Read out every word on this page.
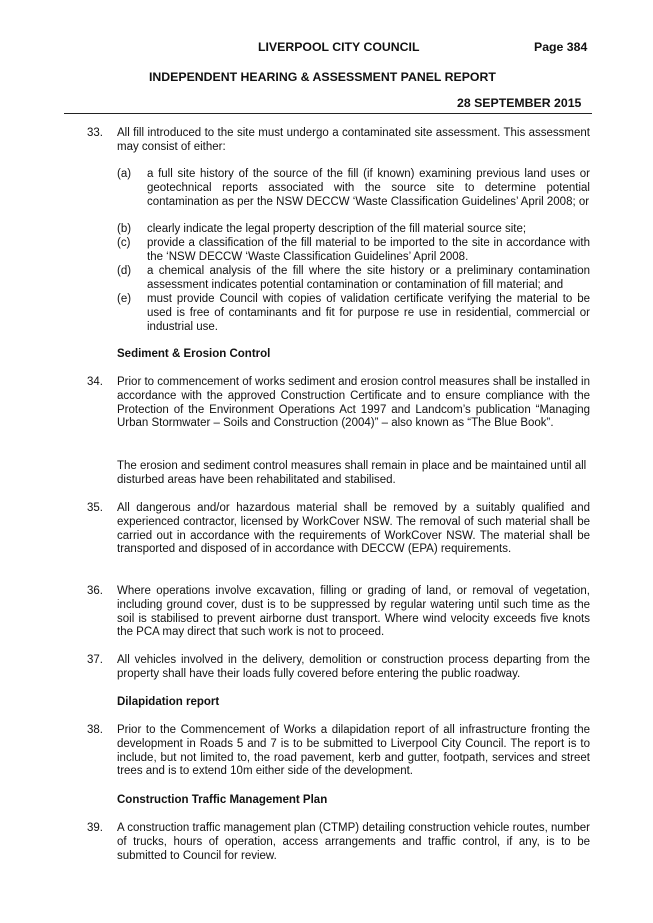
LIVERPOOL CITY COUNCIL	Page 384
INDEPENDENT HEARING & ASSESSMENT PANEL REPORT
28 SEPTEMBER 2015
33. All fill introduced to the site must undergo a contaminated site assessment. This assessment may consist of either:
(a) a full site history of the source of the fill (if known) examining previous land uses or geotechnical reports associated with the source site to determine potential contamination as per the NSW DECCW ‘Waste Classification Guidelines’ April 2008; or
(b) clearly indicate the legal property description of the fill material source site;
(c) provide a classification of the fill material to be imported to the site in accordance with the ‘NSW DECCW ‘Waste Classification Guidelines’ April 2008.
(d) a chemical analysis of the fill where the site history or a preliminary contamination assessment indicates potential contamination or contamination of fill material; and
(e) must provide Council with copies of validation certificate verifying the material to be used is free of contaminants and fit for purpose re use in residential, commercial or industrial use.
Sediment & Erosion Control
34. Prior to commencement of works sediment and erosion control measures shall be installed in accordance with the approved Construction Certificate and to ensure compliance with the Protection of the Environment Operations Act 1997 and Landcom’s publication “Managing Urban Stormwater – Soils and Construction (2004)” – also known as “The Blue Book”.
The erosion and sediment control measures shall remain in place and be maintained until all disturbed areas have been rehabilitated and stabilised.
35. All dangerous and/or hazardous material shall be removed by a suitably qualified and experienced contractor, licensed by WorkCover NSW. The removal of such material shall be carried out in accordance with the requirements of WorkCover NSW. The material shall be transported and disposed of in accordance with DECCW (EPA) requirements.
36. Where operations involve excavation, filling or grading of land, or removal of vegetation, including ground cover, dust is to be suppressed by regular watering until such time as the soil is stabilised to prevent airborne dust transport. Where wind velocity exceeds five knots the PCA may direct that such work is not to proceed.
37. All vehicles involved in the delivery, demolition or construction process departing from the property shall have their loads fully covered before entering the public roadway.
Dilapidation report
38. Prior to the Commencement of Works a dilapidation report of all infrastructure fronting the development in Roads 5 and 7 is to be submitted to Liverpool City Council. The report is to include, but not limited to, the road pavement, kerb and gutter, footpath, services and street trees and is to extend 10m either side of the development.
Construction Traffic Management Plan
39. A construction traffic management plan (CTMP) detailing construction vehicle routes, number of trucks, hours of operation, access arrangements and traffic control, if any, is to be submitted to Council for review.
